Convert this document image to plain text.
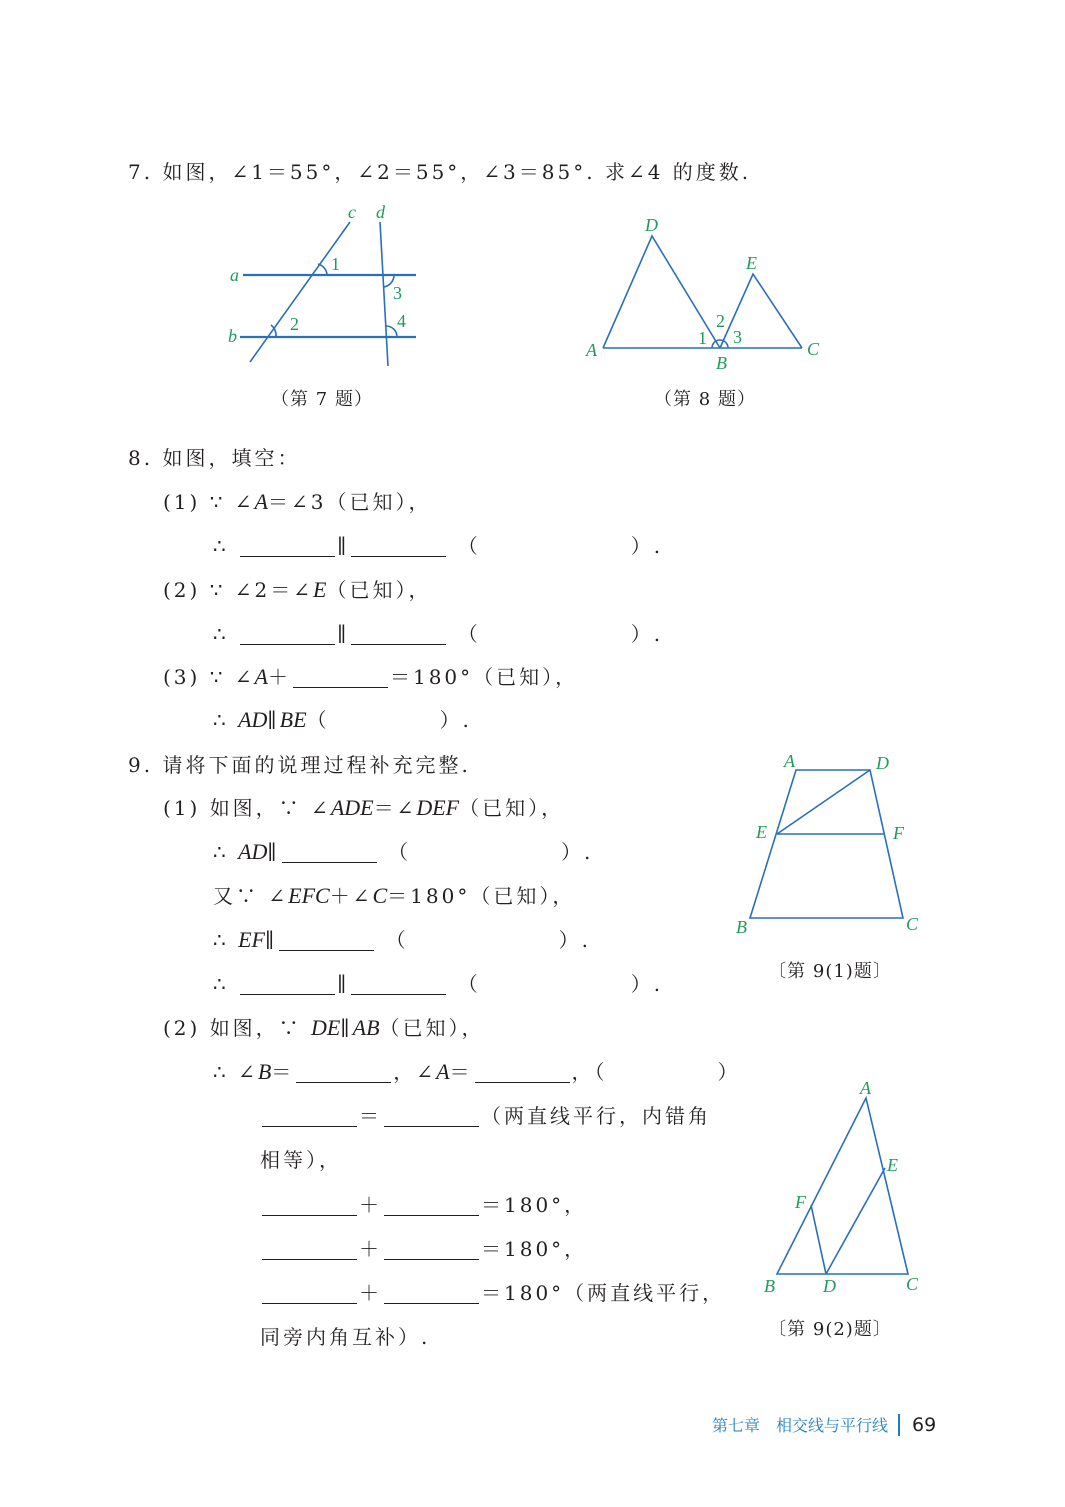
7. 如图，∠1＝55°，∠2＝55°，∠3＝85°. 求∠4 的度数.
8. 如图，填空：
(1) ∵ ∠A＝∠3（已知），
∴	∥	（	）.
(2) ∵ ∠2＝∠E（已知），
∴	∥	（	）.
(3) ∵ ∠A＋	＝180°（已知），
∴ AD∥BE（	）.
9. 请将下面的说理过程补充完整.
(1) 如图，∵ ∠ADE＝∠DEF（已知），
∴ AD∥	（	）.
又∵ ∠EFC＋∠C＝180°（已知），
∴ EF∥	（	）.
∴	∥	（	）.
(2) 如图，∵ DE∥AB（已知），
∴ ∠B＝	，∠A＝	，（	）
＝	（两直线平行，内错角
相等），
＋	＝180°，
＋	＝180°，
＋	＝180°（两直线平行，
同旁内角互补）.
（第 7 题）	（第 8 题）
〔第 9(1)题〕
〔第 9(2)题〕
c d
a
b
1
3
2	4
D
E
A
B
C
1
2
3
A	D
E	F
B	C
A
E
F
B	D	C
第七章　相交线与平行线 69
